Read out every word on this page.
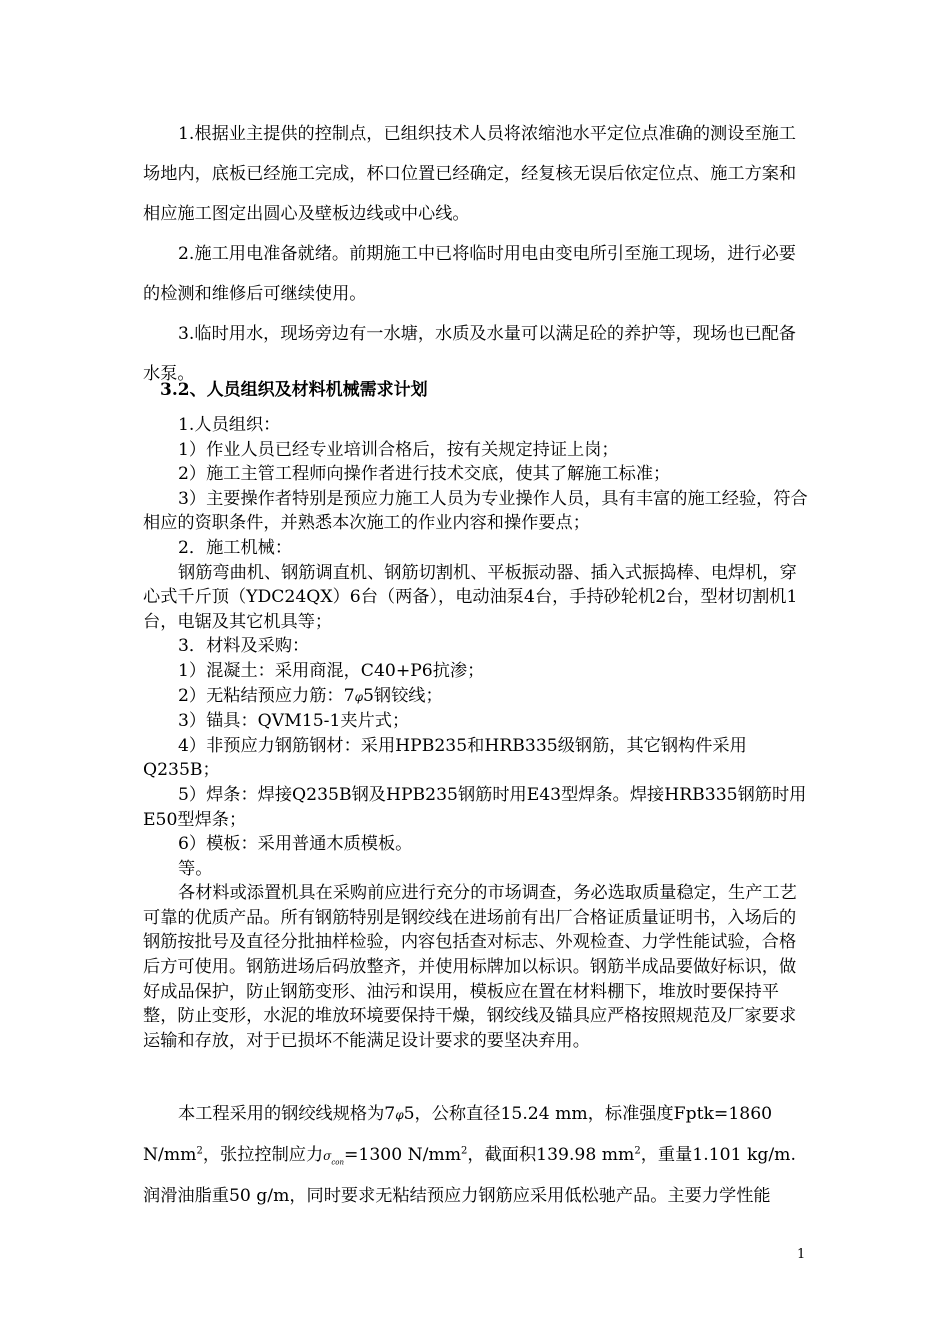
1.根据业主提供的控制点，已组织技术人员将浓缩池水平定位点准确的测设至施工场地内，底板已经施工完成，杯口位置已经确定，经复核无误后依定位点、施工方案和相应施工图定出圆心及壁板边线或中心线。

2.施工用电准备就绪。前期施工中已将临时用电由变电所引至施工现场，进行必要的检测和维修后可继续使用。

3.临时用水，现场旁边有一水塘，水质及水量可以满足砼的养护等，现场也已配备水泵。

3.2、人员组织及材料机械需求计划

1.人员组织：

1）作业人员已经专业培训合格后，按有关规定持证上岗；

2）施工主管工程师向操作者进行技术交底，使其了解施工标准；

3）主要操作者特别是预应力施工人员为专业操作人员，具有丰富的施工经验，符合相应的资职条件，并熟悉本次施工的作业内容和操作要点；

2．施工机械：

钢筋弯曲机、钢筋调直机、钢筋切割机、平板振动器、插入式振捣棒、电焊机，穿心式千斤顶（YDC24QX）6台（两备），电动油泵4台，手持砂轮机2台，型材切割机1台，电锯及其它机具等；

3．材料及采购：

1）混凝土：采用商混，C40+P6抗渗；

2）无粘结预应力筋：7φ5钢铰线；

3）锚具：QVM15-1夹片式；

4）非预应力钢筋钢材：采用HPB235和HRB335级钢筋，其它钢构件采用Q235B；

5）焊条：焊接Q235B钢及HPB235钢筋时用E43型焊条。焊接HRB335钢筋时用E50型焊条；

6）模板：采用普通木质模板。

等。

各材料或添置机具在采购前应进行充分的市场调查，务必选取质量稳定，生产工艺可靠的优质产品。所有钢筋特别是钢绞线在进场前有出厂合格证质量证明书，入场后的钢筋按批号及直径分批抽样检验，内容包括查对标志、外观检查、力学性能试验，合格后方可使用。钢筋进场后码放整齐，并使用标牌加以标识。钢筋半成品要做好标识，做好成品保护，防止钢筋变形、油污和误用，模板应在置在材料棚下，堆放时要保持平整，防止变形，水泥的堆放环境要保持干燥，钢绞线及锚具应严格按照规范及厂家要求运输和存放，对于已损坏不能满足设计要求的要坚决弃用。

本工程采用的钢绞线规格为7φ5，公称直径15.24 mm，标准强度Fptk=1860 $N/mm^2$，张拉控制应力$\sigma_{con}=1300$ $N/mm^2$，截面积139.98 $mm^2$，重量1.101 kg/m. 润滑油脂重50 g/m，同时要求无粘结预应力钢筋应采用低松驰产品。主要力学性能

1
